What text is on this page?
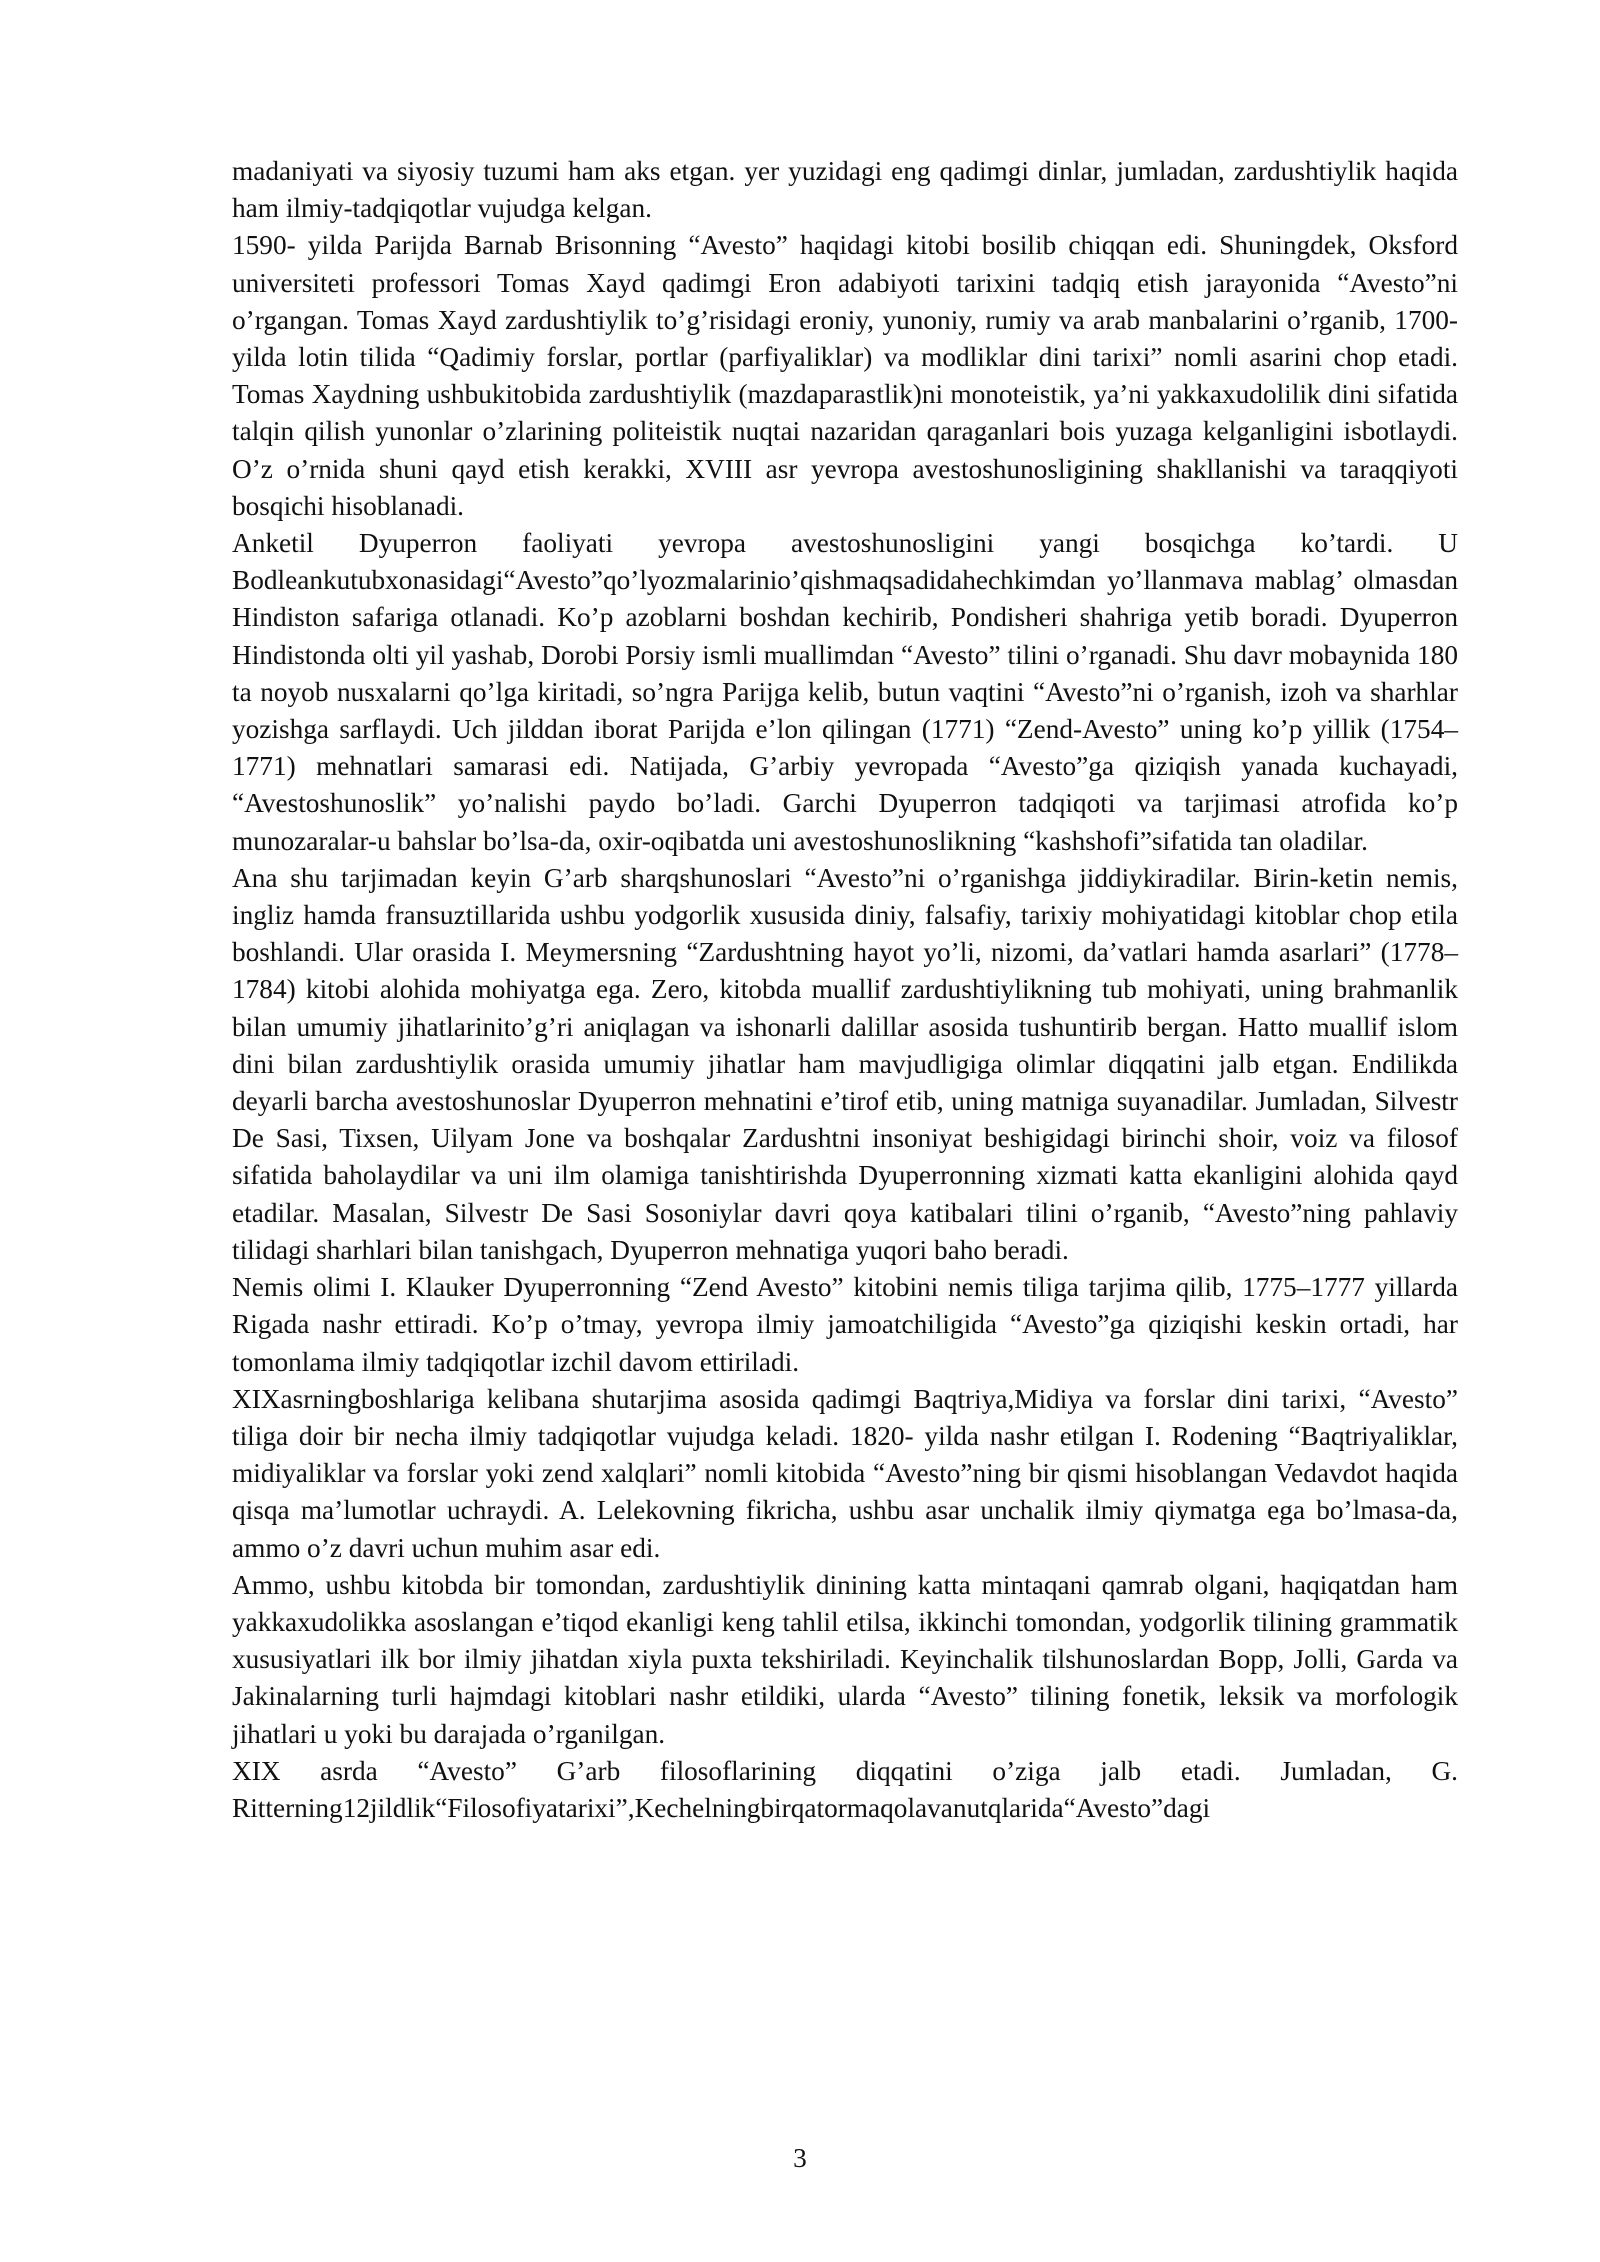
madaniyati va siyosiy tuzumi ham aks etgan. yer yuzidagi eng qadimgi dinlar, jumladan, zardushtiylik haqida ham ilmiy-tadqiqotlar vujudga kelgan.

1590- yilda Parijda Barnab Brisonning “Avesto” haqidagi kitobi bosilib chiqqan edi. Shuningdek, Oksford universiteti professori Tomas Xayd qadimgi Eron adabiyoti tarixini tadqiq etish jarayonida “Avesto”ni o’rgangan. Tomas Xayd zardushtiylik to’g’risidagi eroniy, yunoniy, rumiy va arab manbalarini o’rganib, 1700- yilda lotin tilida “Qadimiy forslar, portlar (parfiyaliklar) va modliklar dini tarixi” nomli asarini chop etadi. Tomas Xaydning ushbukitobida zardushtiylik (mazdaparastlik)ni monoteistik, ya’ni yakkaxudolilik dini sifatida talqin qilish yunonlar o’zlarining politeistik nuqtai nazaridan qaraganlari bois yuzaga kelganligini isbotlaydi. O’z o’rnida shuni qayd etish kerakki, XVIII asr yevropa avestoshunosligining shakllanishi va taraqqiyoti bosqichi hisoblanadi.

Anketil Dyuperron faoliyati yevropa avestoshunosligini yangi bosqichga ko’tardi. U Bodleankutubxonasidagi“Avesto”qo’lyozmalarinio’qishmaqsadidahechkimdan yo’llanmava mablag’ olmasdan Hindiston safariga otlanadi. Ko’p azoblarni boshdan kechirib, Pondisheri shahriga yetib boradi. Dyuperron Hindistonda olti yil yashab, Dorobi Porsiy ismli muallimdan “Avesto” tilini o’rganadi. Shu davr mobaynida 180 ta noyob nusxalarni qo’lga kiritadi, so’ngra Parijga kelib, butun vaqtini “Avesto”ni o’rganish, izoh va sharhlar yozishga sarflaydi. Uch jilddan iborat Parijda e’lon qilingan (1771) “Zend-Avesto” uning ko’p yillik (1754–1771) mehnatlari samarasi edi. Natijada, G’arbiy yevropada “Avesto”ga qiziqish yanada kuchayadi, “Avestoshunoslik” yo’nalishi paydo bo’ladi. Garchi Dyuperron tadqiqoti va tarjimasi atrofida ko’p munozaralar-u bahslar bo’lsa-da, oxir-oqibatda uni avestoshunoslikning “kashshofi”sifatida tan oladilar.

Ana shu tarjimadan keyin G’arb sharqshunoslari “Avesto”ni o’rganishga jiddiykiradilar. Birin-ketin nemis, ingliz hamda fransuztillarida ushbu yodgorlik xususida diniy, falsafiy, tarixiy mohiyatidagi kitoblar chop etila boshlandi. Ular orasida I. Meymersning “Zardushtning hayot yo’li, nizomi, da’vatlari hamda asarlari” (1778–1784) kitobi alohida mohiyatga ega. Zero, kitobda muallif zardushtiylikning tub mohiyati, uning brahmanlik bilan umumiy jihatlarinito’g’ri aniqlagan va ishonarli dalillar asosida tushuntirib bergan. Hatto muallif islom dini bilan zardushtiylik orasida umumiy jihatlar ham mavjudligiga olimlar diqqatini jalb etgan. Endilikda deyarli barcha avestoshunoslar Dyuperron mehnatini e’tirof etib, uning matniga suyanadilar. Jumladan, Silvestr De Sasi, Tixsen, Uilyam Jone va boshqalar Zardushtni insoniyat beshigidagi birinchi shoir, voiz va filosof sifatida baholaydilar va uni ilm olamiga tanishtirishda Dyuperronning xizmati katta ekanligini alohida qayd etadilar. Masalan, Silvestr De Sasi Sosoniylar davri qoya katibalari tilini o’rganib, “Avesto”ning pahlaviy tilidagi sharhlari bilan tanishgach, Dyuperron mehnatiga yuqori baho beradi.

Nemis olimi I. Klauker Dyuperronning “Zend Avesto” kitobini nemis tiliga tarjima qilib, 1775–1777 yillarda Rigada nashr ettiradi. Ko’p o’tmay, yevropa ilmiy jamoatchiligida “Avesto”ga qiziqishi keskin ortadi, har tomonlama ilmiy tadqiqotlar izchil davom ettiriladi.

XIXasrningboshlariga kelibana shutarjima asosida qadimgi Baqtriya,Midiya va forslar dini tarixi, “Avesto” tiliga doir bir necha ilmiy tadqiqotlar vujudga keladi. 1820- yilda nashr etilgan I. Rodening “Baqtriyaliklar, midiyaliklar va forslar yoki zend xalqlari” nomli kitobida “Avesto”ning bir qismi hisoblangan Vedavdot haqida qisqa ma’lumotlar uchraydi. A. Lelekovning fikricha, ushbu asar unchalik ilmiy qiymatga ega bo’lmasa-da, ammo o’z davri uchun muhim asar edi.

Ammo, ushbu kitobda bir tomondan, zardushtiylik dinining katta mintaqani qamrab olgani, haqiqatdan ham yakkaxudolikka asoslangan e’tiqod ekanligi keng tahlil etilsa, ikkinchi tomondan, yodgorlik tilining grammatik xususiyatlari ilk bor ilmiy jihatdan xiyla puxta tekshiriladi. Keyinchalik tilshunoslardan Bopp, Jolli, Garda va Jakinalarning turli hajmdagi kitoblari nashr etildiki, ularda “Avesto” tilining fonetik, leksik va morfologik jihatlari u yoki bu darajada o’rganilgan.

XIX asrda “Avesto” G’arb filosoflarining diqqatini o’ziga jalb etadi. Jumladan, G. Ritterning12jildlik“Filosofiyatarixi”,Kechelningbirqatormaqolavanutqlarida“Avesto”dagi

3
